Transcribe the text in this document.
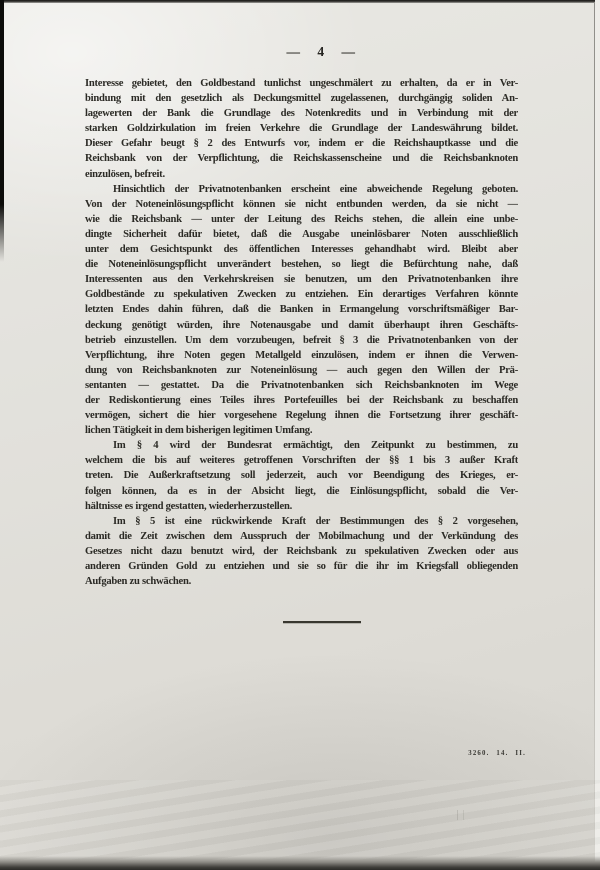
— 4 —
Interesse gebietet, den Goldbestand tunlichst ungeschmälert zu erhalten, da er in Ver-
bindung mit den gesetzlich als Deckungsmittel zugelassenen, durchgängig soliden An-
lagewerten der Bank die Grundlage des Notenkredits und in Verbindung mit der
starken Goldzirkulation im freien Verkehre die Grundlage der Landeswährung bildet.
Dieser Gefahr beugt § 2 des Entwurfs vor, indem er die Reichshauptkasse und die
Reichsbank von der Verpflichtung, die Reichskassenscheine und die Reichsbanknoten
einzulösen, befreit.
Hinsichtlich der Privatnotenbanken erscheint eine abweichende Regelung geboten.
Von der Noteneinlösungspflicht können sie nicht entbunden werden, da sie nicht —
wie die Reichsbank — unter der Leitung des Reichs stehen, die allein eine unbe-
dingte Sicherheit dafür bietet, daß die Ausgabe uneinlösbarer Noten ausschließlich
unter dem Gesichtspunkt des öffentlichen Interesses gehandhabt wird. Bleibt aber
die Noteneinlösungspflicht unverändert bestehen, so liegt die Befürchtung nahe, daß
Interessenten aus den Verkehrskreisen sie benutzen, um den Privatnotenbanken ihre
Goldbestände zu spekulativen Zwecken zu entziehen. Ein derartiges Verfahren könnte
letzten Endes dahin führen, daß die Banken in Ermangelung vorschriftsmäßiger Bar-
deckung genötigt würden, ihre Notenausgabe und damit überhaupt ihren Geschäfts-
betrieb einzustellen. Um dem vorzubeugen, befreit § 3 die Privatnotenbanken von der
Verpflichtung, ihre Noten gegen Metallgeld einzulösen, indem er ihnen die Verwen-
dung von Reichsbanknoten zur Noteneinlösung — auch gegen den Willen der Prä-
sentanten — gestattet. Da die Privatnotenbanken sich Reichsbanknoten im Wege
der Rediskontierung eines Teiles ihres Portefeuilles bei der Reichsbank zu beschaffen
vermögen, sichert die hier vorgesehene Regelung ihnen die Fortsetzung ihrer geschäft-
lichen Tätigkeit in dem bisherigen legitimen Umfang.
Im § 4 wird der Bundesrat ermächtigt, den Zeitpunkt zu bestimmen, zu
welchem die bis auf weiteres getroffenen Vorschriften der §§ 1 bis 3 außer Kraft
treten. Die Außerkraftsetzung soll jederzeit, auch vor Beendigung des Krieges, er-
folgen können, da es in der Absicht liegt, die Einlösungspflicht, sobald die Ver-
hältnisse es irgend gestatten, wiederherzustellen.
Im § 5 ist eine rückwirkende Kraft der Bestimmungen des § 2 vorgesehen,
damit die Zeit zwischen dem Ausspruch der Mobilmachung und der Verkündung des
Gesetzes nicht dazu benutzt wird, der Reichsbank zu spekulativen Zwecken oder aus
anderen Gründen Gold zu entziehen und sie so für die ihr im Kriegsfall obliegenden
Aufgaben zu schwächen.
3260. 14. II.
